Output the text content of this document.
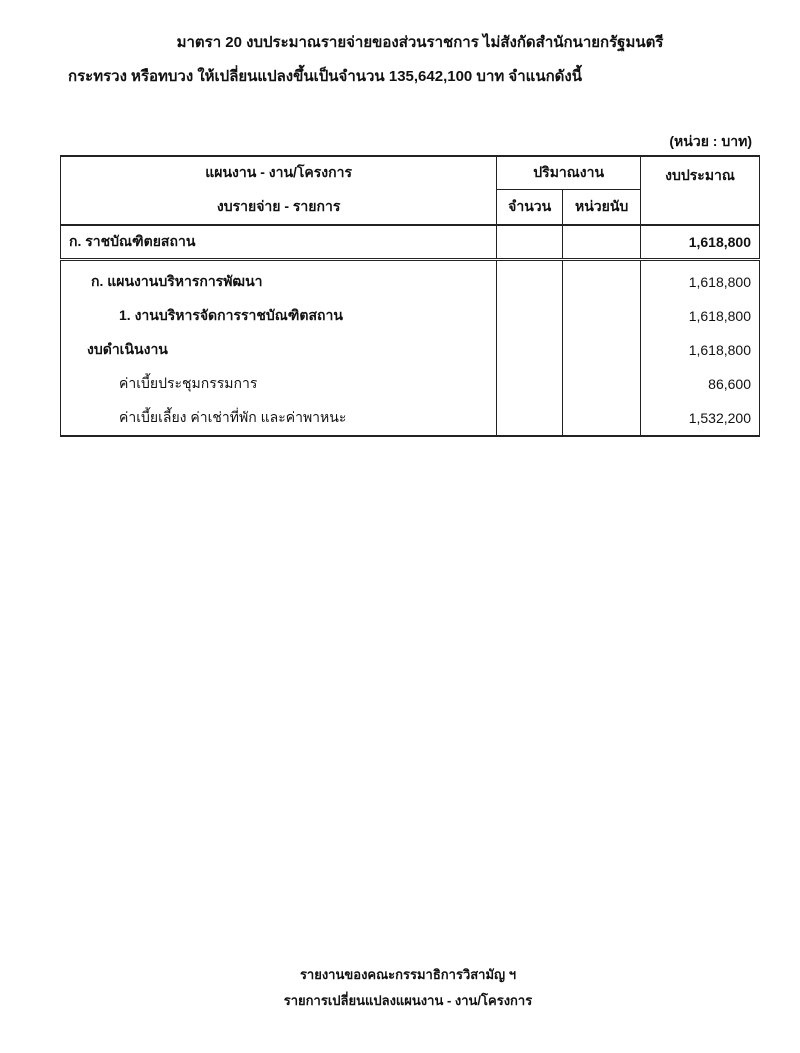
มาตรา 20 งบประมาณรายจ่ายของส่วนราชการ ไม่สังกัดสำนักนายกรัฐมนตรี
กระทรวง หรือทบวง ให้เปลี่ยนแปลงขึ้นเป็นจำนวน 135,642,100 บาท จำแนกดังนี้
(หน่วย : บาท)
แผนงาน - งาน/โครงการ	ปริมาณงาน		งบประมาณ
งบรายจ่าย - รายการ	จำนวน	หน่วยนับ	
ก. ราชบัณฑิตยสถาน			1,618,800

ก. แผนงานบริหารการพัฒนา			1,618,800
1. งานบริหารจัดการราชบัณฑิตสถาน			1,618,800
งบดำเนินงาน			1,618,800
ค่าเบี้ยประชุมกรรมการ			86,600
ค่าเบี้ยเลี้ยง ค่าเช่าที่พัก และค่าพาหนะ			1,532,200
รายงานของคณะกรรมาธิการวิสามัญ ฯ
รายการเปลี่ยนแปลงแผนงาน - งาน/โครงการ
